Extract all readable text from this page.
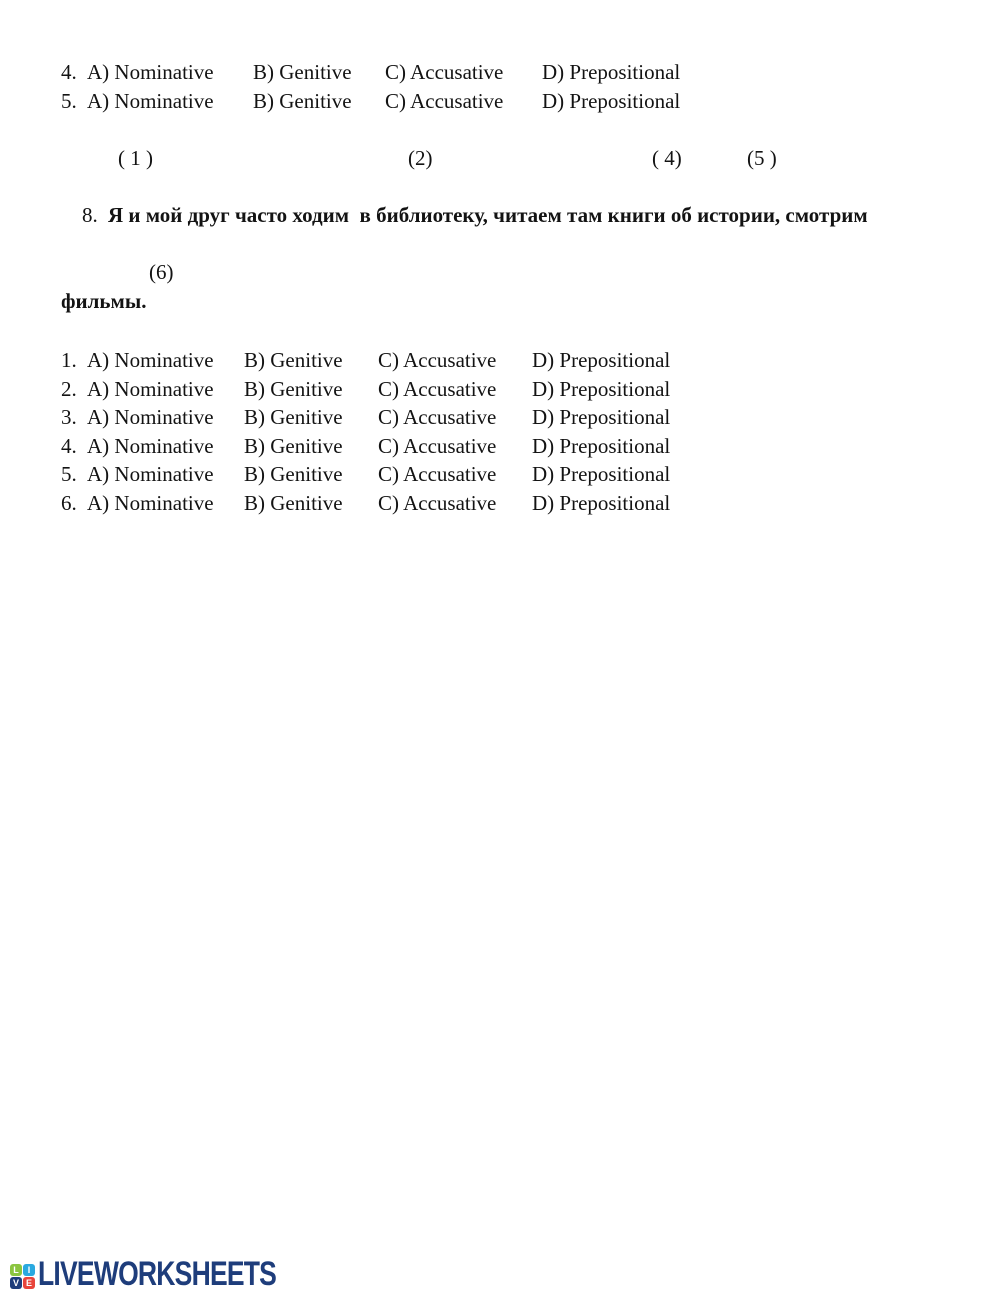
4. A) Nominative	B) Genitive	C) Accusative	D) Prepositional
5. A) Nominative	B) Genitive	C) Accusative	D) Prepositional
( 1 )	(2)	( 4)	(5 )

8. Я и мой друг часто ходим  в библиотеку, читаем там книги об истории, смотрим

(6)
фильмы.
1. A) Nominative	B) Genitive	C) Accusative	D) Prepositional
2. A) Nominative	B) Genitive	C) Accusative	D) Prepositional
3. A) Nominative	B) Genitive	C) Accusative	D) Prepositional
4. A) Nominative	B) Genitive	C) Accusative	D) Prepositional
5. A) Nominative	B) Genitive	C) Accusative	D) Prepositional
6. A) Nominative	B) Genitive	C) Accusative	D) Prepositional
L I
V E LIVEWORKSHEETS
